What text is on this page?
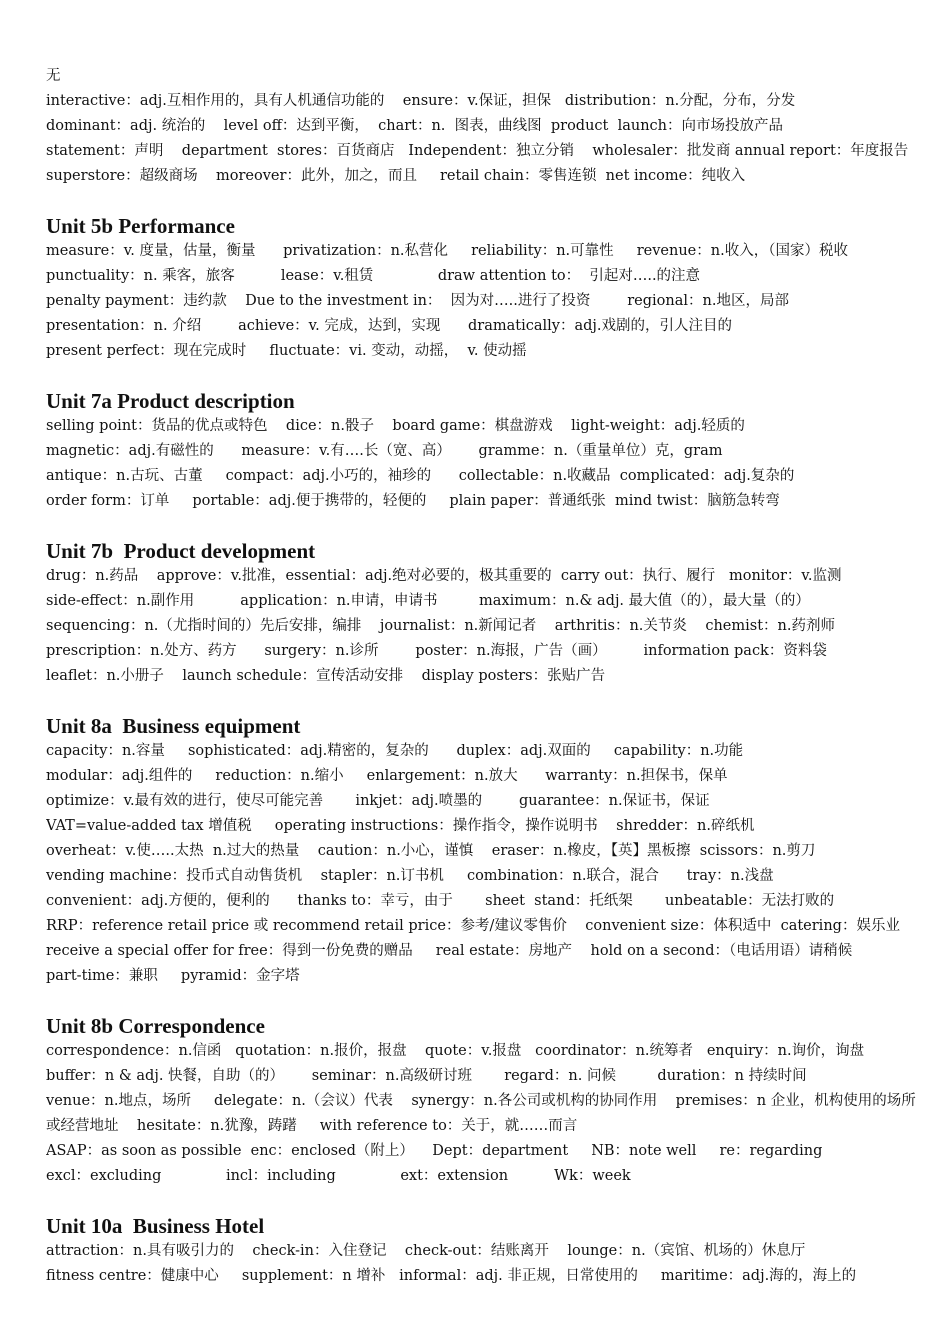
无
interactive：adj.互相作用的，具有人机通信功能的    ensure：v.保证，担保   distribution：n.分配，分布，分发
dominant：adj. 统治的    level off：达到平衡，  chart：n.  图表，曲线图  product  launch：向市场投放产品
statement：声明    department  stores：百货商店   Independent：独立分销    wholesaler：批发商 annual report：年度报告
superstore：超级商场    moreover：此外，加之，而且     retail chain：零售连锁  net income：纯收入
Unit 5b Performance
measure：v. 度量，估量，衡量      privatization：n.私营化     reliability：n.可靠性     revenue：n.收入，（国家）税收
punctuality：n. 乘客，旅客          lease：v.租赁              draw attention to：  引起对…..的注意
penalty payment：违约款    Due to the investment in：  因为对…..进行了投资        regional：n.地区，局部
presentation：n. 介绍        achieve：v. 完成，达到，实现      dramatically：adj.戏剧的，引人注目的
present perfect：现在完成时     fluctuate：vi. 变动，动摇，  v. 使动摇
Unit 7a Product description
selling point：货品的优点或特色    dice：n.骰子    board game：棋盘游戏    light-weight：adj.轻质的
magnetic：adj.有磁性的      measure：v.有….长（宽、高）      gramme：n.（重量单位）克，gram
antique：n.古玩、古董     compact：adj.小巧的，袖珍的      collectable：n.收藏品  complicated：adj.复杂的
order form：订单     portable：adj.便于携带的，轻便的     plain paper：普通纸张  mind twist：脑筋急转弯
Unit 7b  Product development
drug：n.药品    approve：v.批准，essential：adj.绝对必要的，极其重要的  carry out：执行、履行   monitor：v.监测
side-effect：n.副作用          application：n.申请，申请书         maximum：n.& adj. 最大值（的），最大量（的）
sequencing：n.（尤指时间的）先后安排，编排    journalist：n.新闻记者    arthritis：n.关节炎    chemist：n.药剂师
prescription：n.处方、药方      surgery：n.诊所        poster：n.海报，广告（画）        information pack：资料袋
leaflet：n.小册子    launch schedule：宣传活动安排    display posters：张贴广告
Unit 8a  Business equipment
capacity：n.容量     sophisticated：adj.精密的，复杂的      duplex：adj.双面的     capability：n.功能
modular：adj.组件的     reduction：n.缩小     enlargement：n.放大      warranty：n.担保书，保单
optimize：v.最有效的进行，使尽可能完善       inkjet：adj.喷墨的        guarantee：n.保证书，保证
VAT=value-added tax 增值税     operating instructions：操作指令，操作说明书    shredder：n.碎纸机
overheat：v.使…..太热  n.过大的热量    caution：n.小心，谨慎    eraser：n.橡皮，【英】黑板擦  scissors：n.剪刀
vending machine：投币式自动售货机    stapler：n.订书机     combination：n.联合，混合      tray：n.浅盘
convenient：adj.方便的，便利的      thanks to：幸亏，由于       sheet  stand：托纸架       unbeatable：无法打败的
RRP：reference retail price 或 recommend retail price：参考/建议零售价    convenient size：体积适中  catering：娱乐业
receive a special offer for free：得到一份免费的赠品     real estate：房地产    hold on a second：（电话用语）请稍候
part-time：兼职     pyramid：金字塔
Unit 8b Correspondence
correspondence：n.信函   quotation：n.报价，报盘    quote：v.报盘   coordinator：n.统筹者   enquiry：n.询价，询盘
buffer：n & adj. 快餐，自助（的）      seminar：n.高级研讨班       regard：n. 问候         duration：n 持续时间
venue：n.地点，场所     delegate：n.（会议）代表    synergy：n.各公司或机构的协同作用    premises：n 企业，机构使用的场所
或经营地址    hesitate：n.犹豫，踌躇     with reference to：关于，就……而言
ASAP：as soon as possible  enc：enclosed（附上）    Dept：department     NB：note well     re：regarding
excl：excluding              incl：including              ext：extension          Wk：week
Unit 10a  Business Hotel
attraction：n.具有吸引力的    check-in：入住登记    check-out：结账离开    lounge：n.（宾馆、机场的）休息厅
fitness centre：健康中心     supplement：n 增补   informal：adj. 非正规，日常使用的     maritime：adj.海的，海上的
